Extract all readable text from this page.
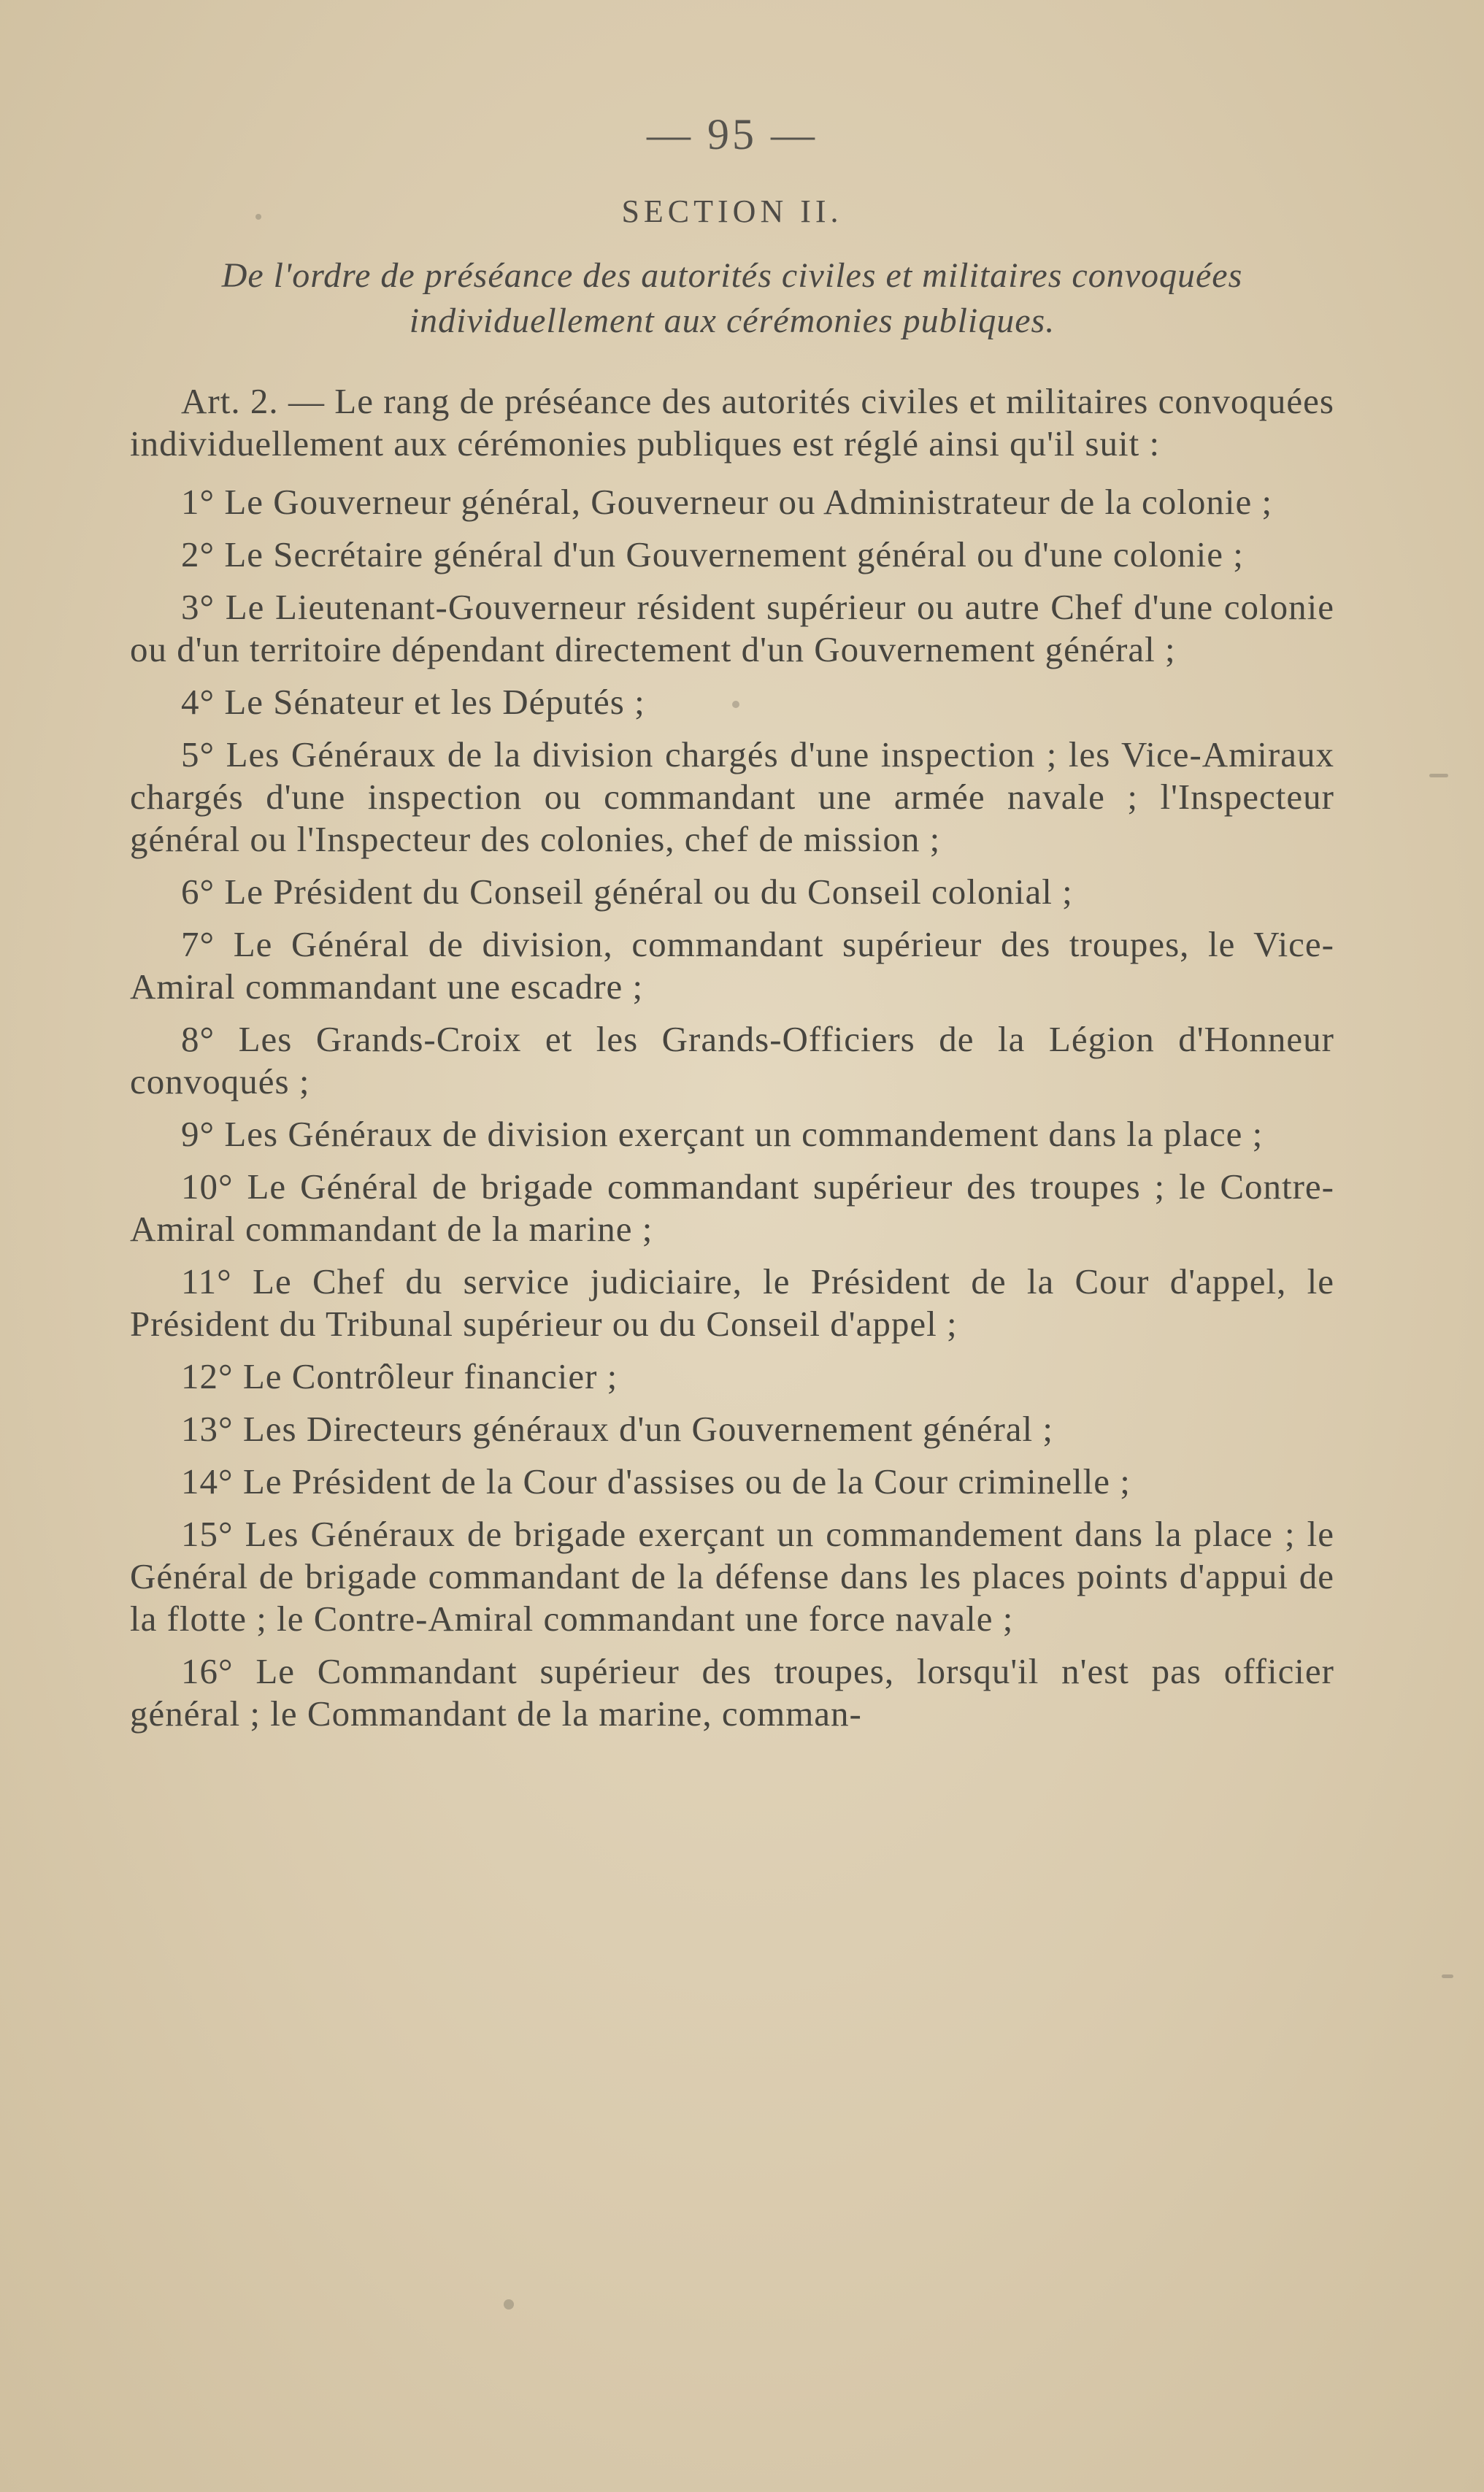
— 95 —
SECTION II.
De l'ordre de préséance des autorités civiles et militaires convoquées individuellement aux cérémonies publiques.

Art. 2. — Le rang de préséance des autorités civiles et militaires convoquées individuellement aux cérémonies publiques est réglé ainsi qu'il suit :

1° Le Gouverneur général, Gouverneur ou Administrateur de la colonie ;

2° Le Secrétaire général d'un Gouvernement général ou d'une colonie ;

3° Le Lieutenant-Gouverneur résident supérieur ou autre Chef d'une colonie ou d'un territoire dépendant directement d'un Gouvernement général ;

4° Le Sénateur et les Députés ;

5° Les Généraux de la division chargés d'une inspection ; les Vice-Amiraux chargés d'une inspection ou commandant une armée navale ; l'Inspecteur général ou l'Inspecteur des colonies, chef de mission ;

6° Le Président du Conseil général ou du Conseil colonial ;

7° Le Général de division, commandant supérieur des troupes, le Vice-Amiral commandant une escadre ;

8° Les Grands-Croix et les Grands-Officiers de la Légion d'Honneur convoqués ;

9° Les Généraux de division exerçant un commandement dans la place ;

10° Le Général de brigade commandant supérieur des troupes ; le Contre-Amiral commandant de la marine ;

11° Le Chef du service judiciaire, le Président de la Cour d'appel, le Président du Tribunal supérieur ou du Conseil d'appel ;

12° Le Contrôleur financier ;

13° Les Directeurs généraux d'un Gouvernement général ;

14° Le Président de la Cour d'assises ou de la Cour criminelle ;

15° Les Généraux de brigade exerçant un commandement dans la place ; le Général de brigade commandant de la défense dans les places points d'appui de la flotte ; le Contre-Amiral commandant une force navale ;

16° Le Commandant supérieur des troupes, lorsqu'il n'est pas officier général ; le Commandant de la marine, comman-
